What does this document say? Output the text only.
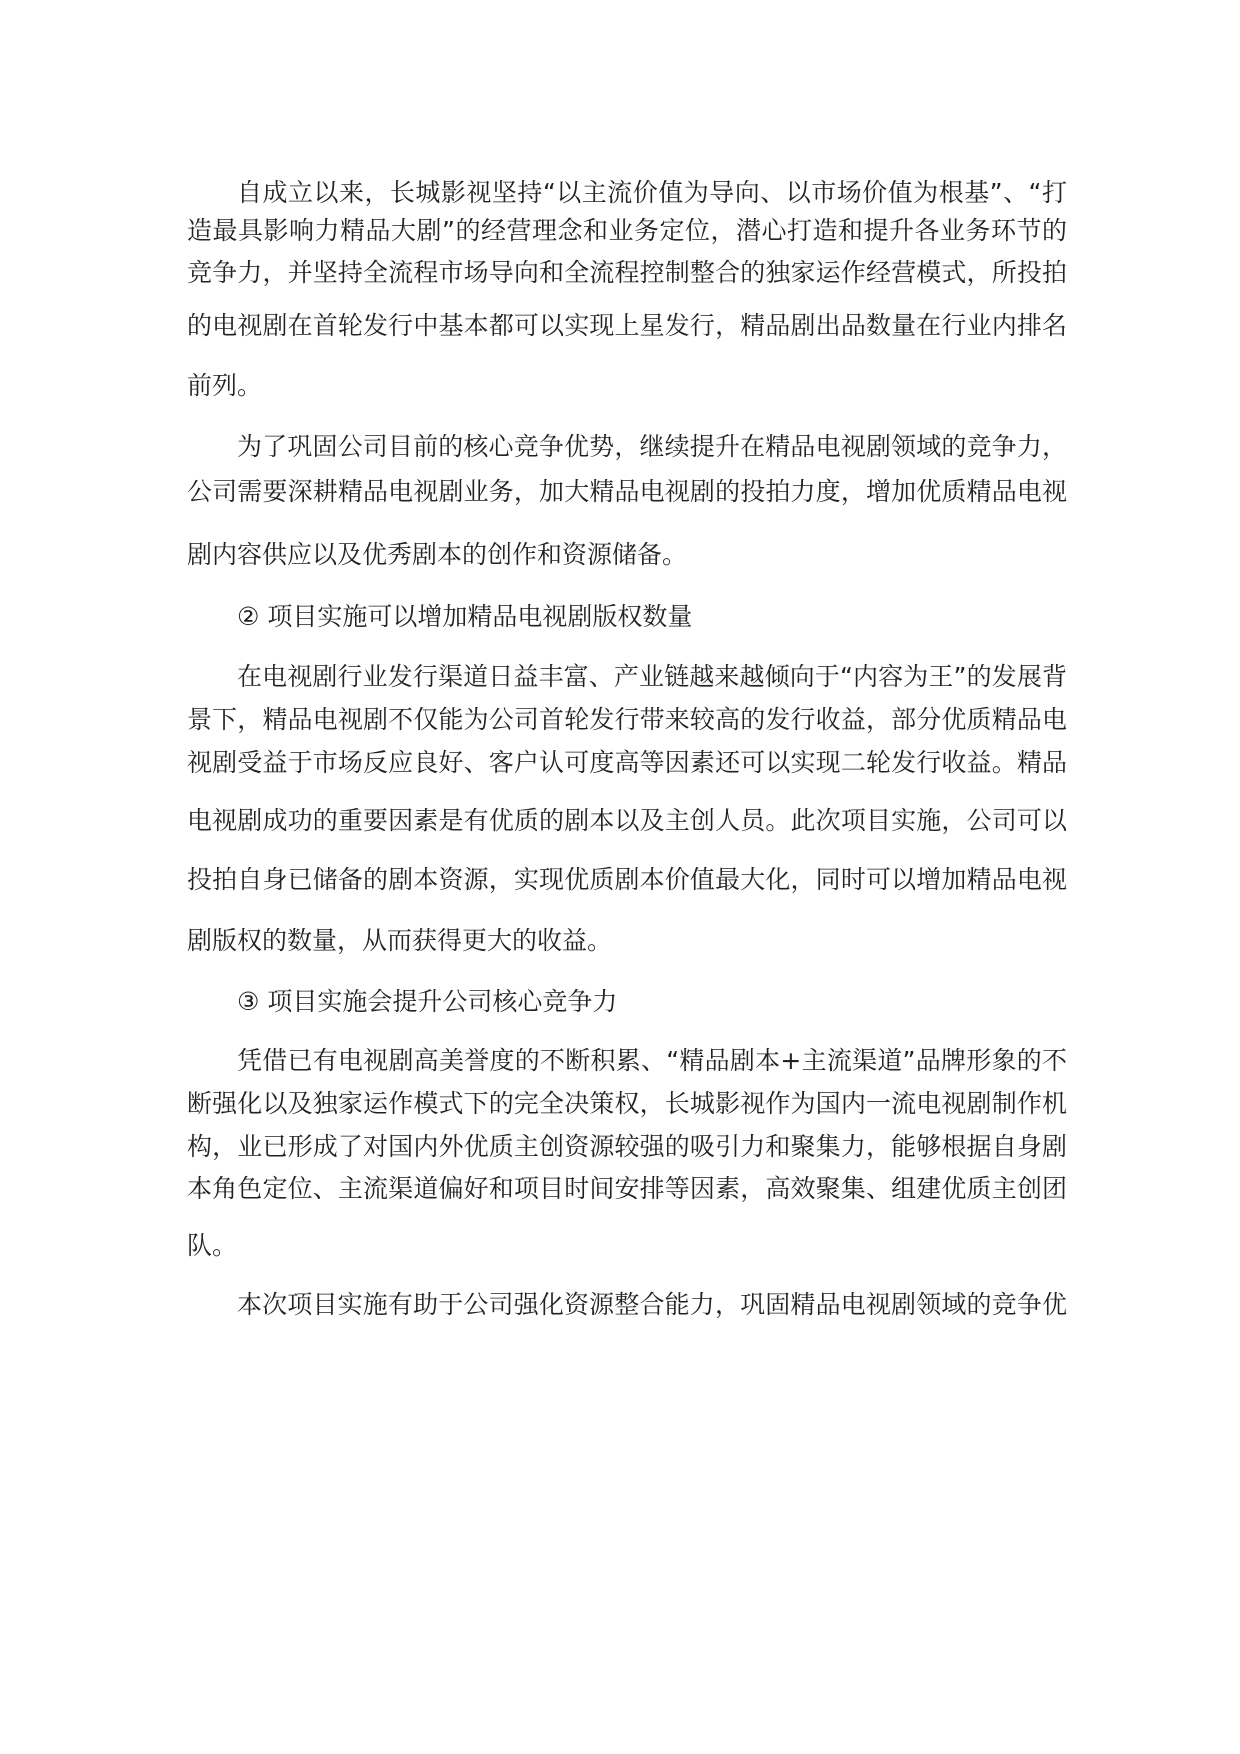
自成立以来，长城影视坚持“以主流价值为导向、以市场价值为根基”、“打
造最具影响力精品大剧”的经营理念和业务定位，潜心打造和提升各业务环节的
竞争力，并坚持全流程市场导向和全流程控制整合的独家运作经营模式，所投拍
的电视剧在首轮发行中基本都可以实现上星发行，精品剧出品数量在行业内排名
前列。
为了巩固公司目前的核心竞争优势，继续提升在精品电视剧领域的竞争力，
公司需要深耕精品电视剧业务，加大精品电视剧的投拍力度，增加优质精品电视
剧内容供应以及优秀剧本的创作和资源储备。
② 项目实施可以增加精品电视剧版权数量
在电视剧行业发行渠道日益丰富、产业链越来越倾向于“内容为王”的发展背
景下，精品电视剧不仅能为公司首轮发行带来较高的发行收益，部分优质精品电
视剧受益于市场反应良好、客户认可度高等因素还可以实现二轮发行收益。精品
电视剧成功的重要因素是有优质的剧本以及主创人员。此次项目实施，公司可以
投拍自身已储备的剧本资源，实现优质剧本价值最大化，同时可以增加精品电视
剧版权的数量，从而获得更大的收益。
③ 项目实施会提升公司核心竞争力
凭借已有电视剧高美誉度的不断积累、“精品剧本+主流渠道”品牌形象的不
断强化以及独家运作模式下的完全决策权，长城影视作为国内一流电视剧制作机
构，业已形成了对国内外优质主创资源较强的吸引力和聚集力，能够根据自身剧
本角色定位、主流渠道偏好和项目时间安排等因素，高效聚集、组建优质主创团
队。
本次项目实施有助于公司强化资源整合能力，巩固精品电视剧领域的竞争优
